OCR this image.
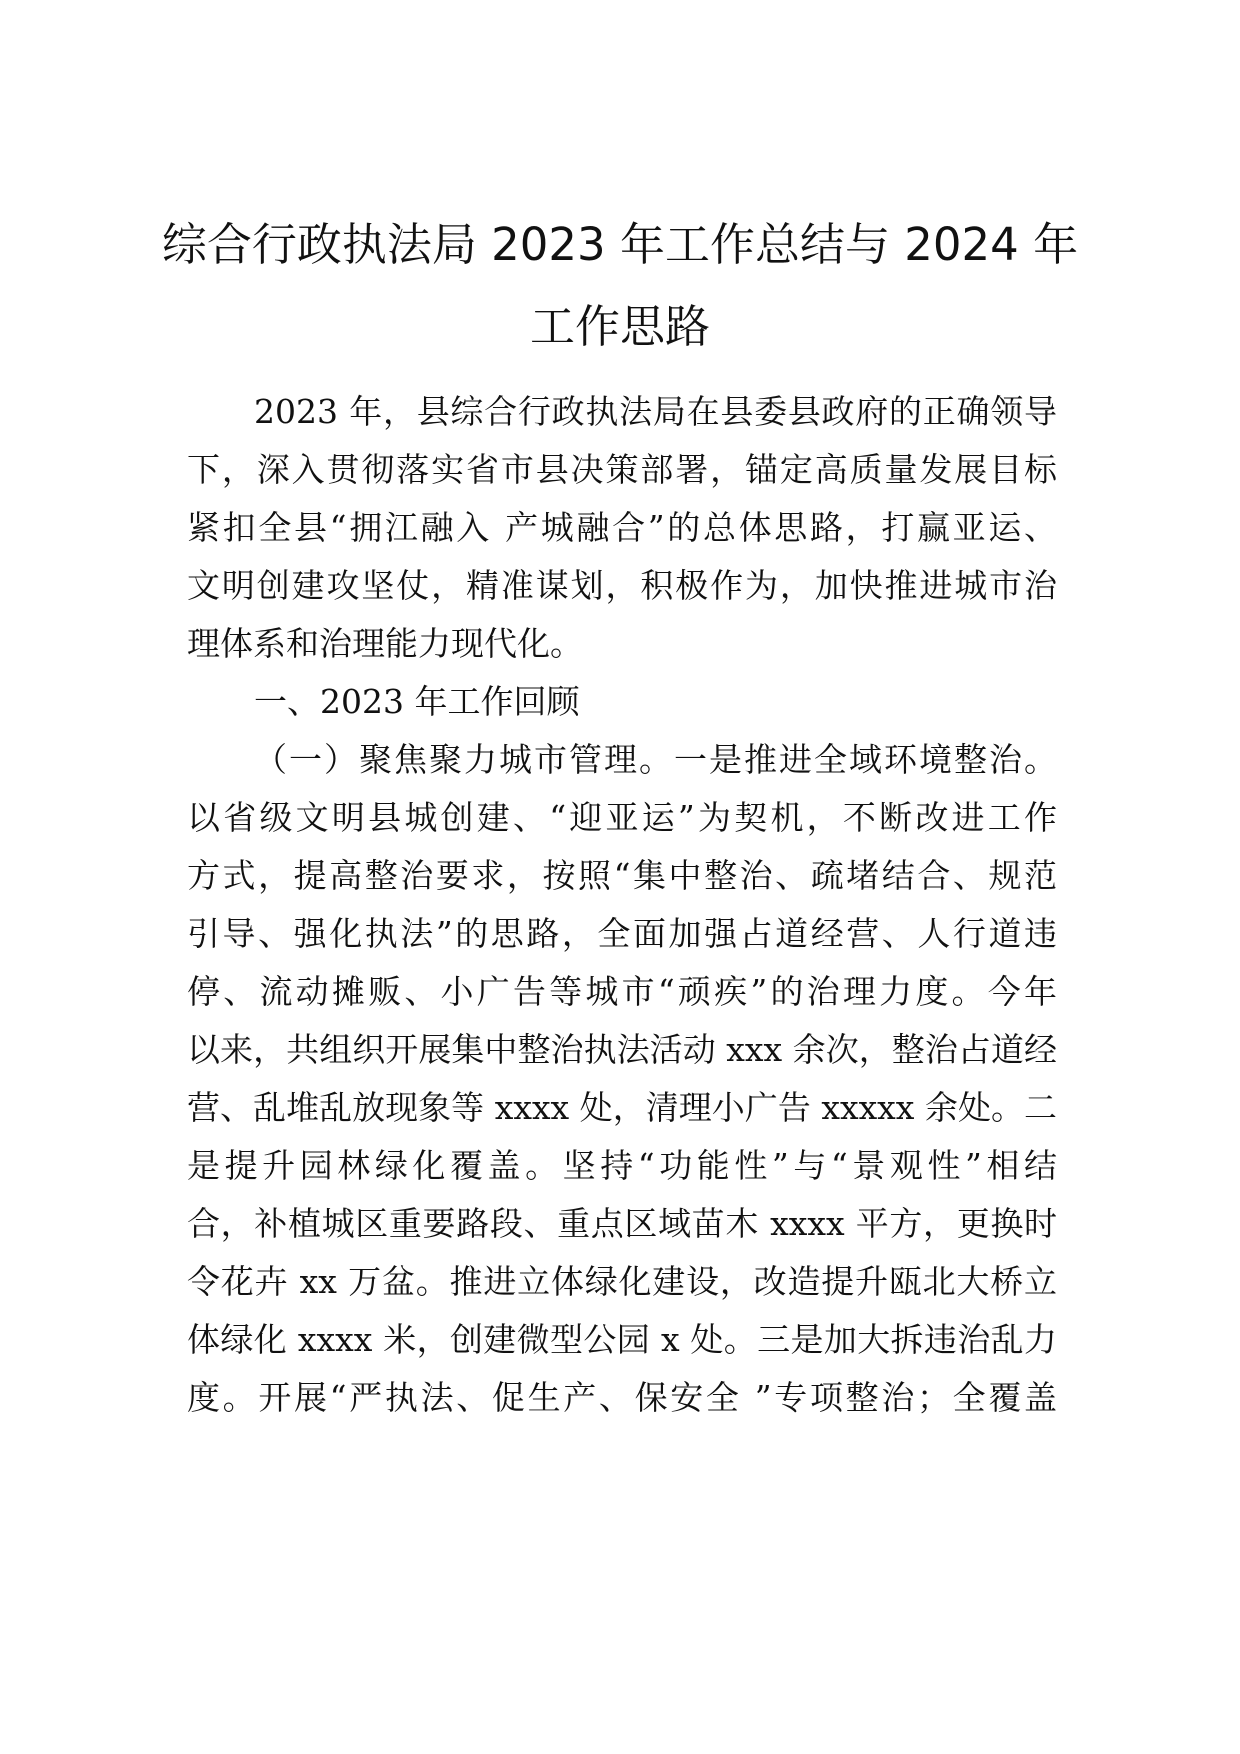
综合行政执法局 2023 年工作总结与 2024 年
工作思路
2023 年，县综合行政执法局在县委县政府的正确领导
下，深入贯彻落实省市县决策部署，锚定高质量发展目标
紧扣全县“拥江融入 产城融合”的总体思路，打赢亚运、
文明创建攻坚仗，精准谋划，积极作为，加快推进城市治
理体系和治理能力现代化。
一、2023 年工作回顾
（一）聚焦聚力城市管理。一是推进全域环境整治。
以省级文明县城创建、“迎亚运”为契机，不断改进工作
方式，提高整治要求，按照“集中整治、疏堵结合、规范
引导、强化执法”的思路，全面加强占道经营、人行道违
停、流动摊贩、小广告等城市“顽疾”的治理力度。今年
以来，共组织开展集中整治执法活动 xxx 余次，整治占道经
营、乱堆乱放现象等 xxxx 处，清理小广告 xxxxx 余处。二
是提升园林绿化覆盖。坚持“功能性”与“景观性”相结
合，补植城区重要路段、重点区域苗木 xxxx 平方，更换时
令花卉 xx 万盆。推进立体绿化建设，改造提升瓯北大桥立
体绿化 xxxx 米，创建微型公园 x 处。三是加大拆违治乱力
度。开展“严执法、促生产、保安全 ”专项整治；全覆盖
